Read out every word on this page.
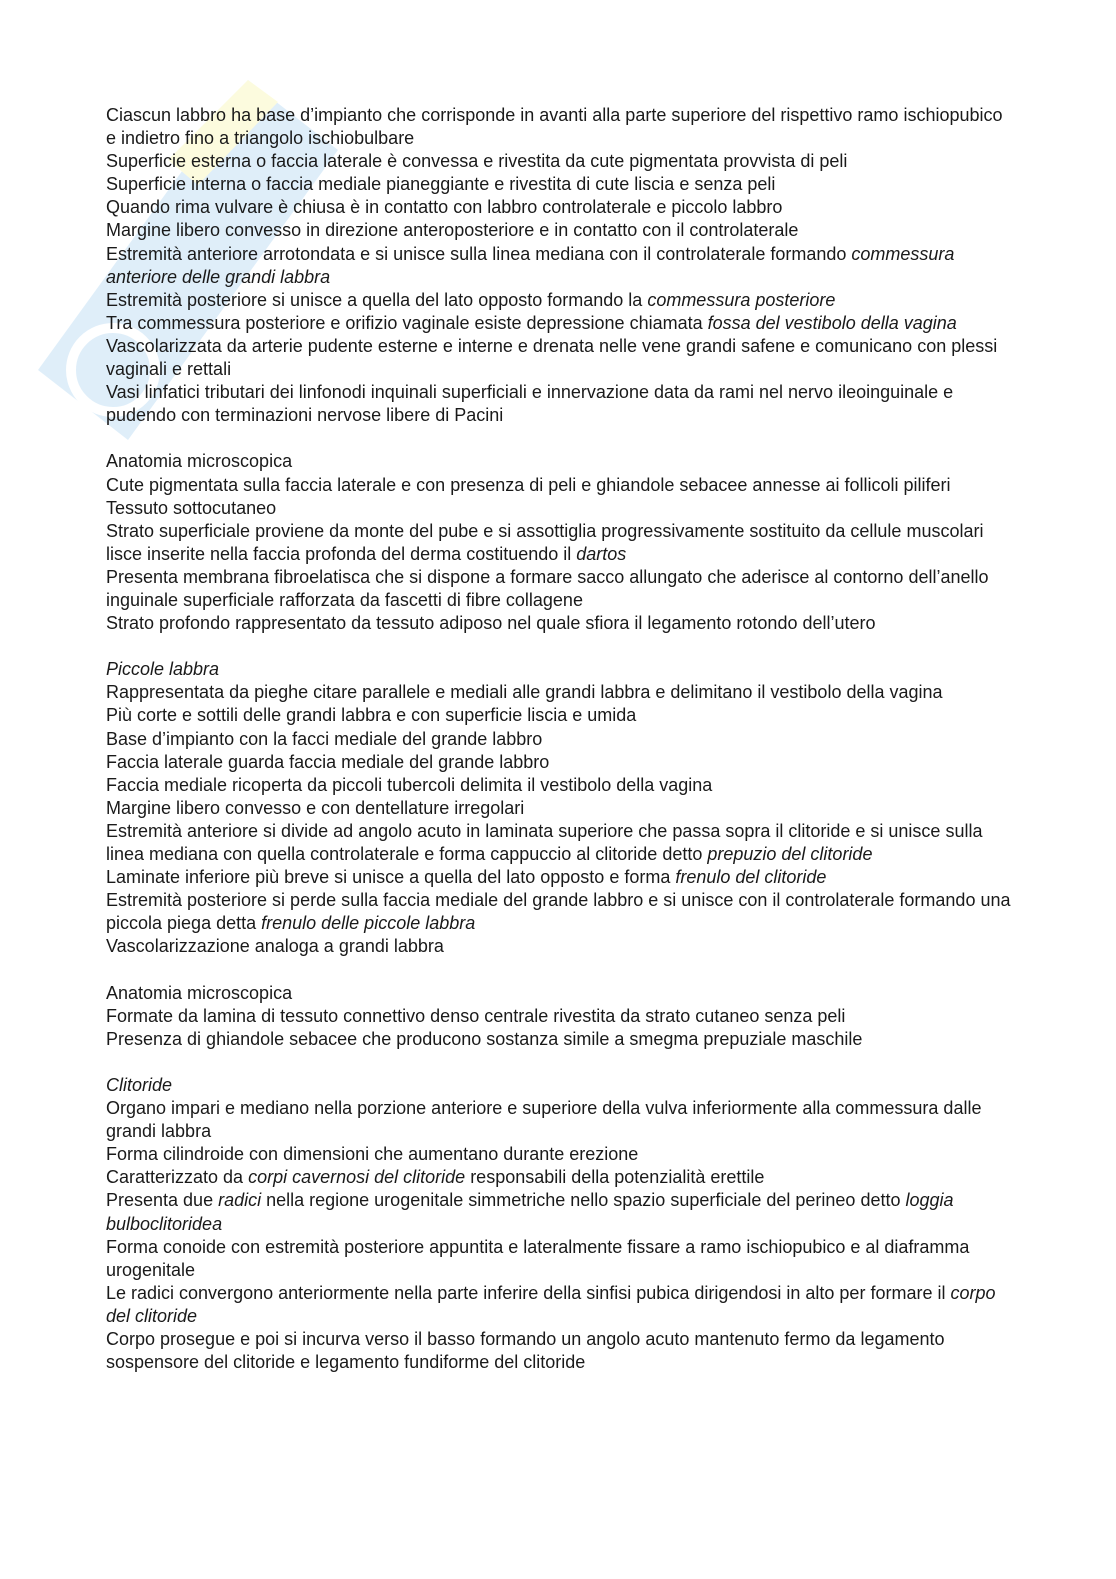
Ciascun labbro ha base d’impianto che corrisponde in avanti alla parte superiore del rispettivo ramo ischiopubico e indietro fino a triangolo ischiobulbare

Superficie esterna o faccia laterale è convessa e rivestita da cute pigmentata provvista di peli

Superficie interna o faccia mediale pianeggiante e rivestita di cute liscia e senza peli

Quando rima vulvare è chiusa è in contatto con labbro controlaterale e piccolo labbro

Margine libero convesso in direzione anteroposteriore e in contatto con il controlaterale

Estremità anteriore arrotondata e si unisce sulla linea mediana con il controlaterale formando commessura anteriore delle grandi labbra

Estremità posteriore si unisce a quella del lato opposto formando la commessura posteriore

Tra commessura posteriore e orifizio vaginale esiste depressione chiamata fossa del vestibolo della vagina

Vascolarizzata da arterie pudente esterne e interne e drenata nelle vene grandi safene e comunicano con plessi vaginali e rettali

Vasi linfatici tributari dei linfonodi inquinali superficiali e innervazione data da rami nel nervo ileoinguinale e pudendo con terminazioni nervose libere di Pacini

Anatomia microscopica

Cute pigmentata sulla faccia laterale e con presenza di peli e ghiandole sebacee annesse ai follicoli piliferi

Tessuto sottocutaneo

Strato superficiale proviene da monte del pube e si assottiglia progressivamente sostituito da cellule muscolari lisce inserite nella faccia profonda del derma costituendo il dartos

Presenta membrana fibroelatisca che si dispone a formare sacco allungato che aderisce al contorno dell’anello inguinale superficiale rafforzata da fascetti di fibre collagene

Strato profondo rappresentato da tessuto adiposo nel quale sfiora il legamento rotondo dell’utero

Piccole labbra

Rappresentata da pieghe citare parallele e mediali alle grandi labbra e delimitano il vestibolo della vagina

Più corte e sottili delle grandi labbra e con superficie liscia e umida

Base d’impianto con la facci mediale del grande labbro

Faccia laterale guarda faccia mediale del grande labbro

Faccia mediale ricoperta da piccoli tubercoli delimita il vestibolo della vagina

Margine libero convesso e con dentellature irregolari

Estremità anteriore si divide ad angolo acuto in laminata superiore che passa sopra il clitoride e si unisce sulla linea mediana con quella controlaterale e forma cappuccio al clitoride detto prepuzio del clitoride

Laminate inferiore più breve si unisce a quella del lato opposto e forma frenulo del clitoride

Estremità posteriore si perde sulla faccia mediale del grande labbro e si unisce con il controlaterale formando una piccola piega detta frenulo delle piccole labbra

Vascolarizzazione analoga a grandi labbra

Anatomia microscopica

Formate da lamina di tessuto connettivo denso centrale rivestita da strato cutaneo senza peli

Presenza di ghiandole sebacee che producono sostanza simile a smegma prepuziale maschile

Clitoride

Organo impari e mediano nella porzione anteriore e superiore della vulva inferiormente alla commessura dalle grandi labbra

Forma cilindroide con dimensioni che aumentano durante erezione

Caratterizzato da corpi cavernosi del clitoride responsabili della potenzialità erettile

Presenta due radici nella regione urogenitale simmetriche nello spazio superficiale del perineo detto loggia bulboclitoridea

Forma conoide con estremità posteriore appuntita e lateralmente fissare a ramo ischiopubico e al diaframma urogenitale

Le radici convergono anteriormente nella parte inferire della sinfisi pubica dirigendosi in alto per formare il corpo del clitoride

Corpo prosegue e poi si incurva verso il basso formando un angolo acuto mantenuto fermo da legamento sospensore del clitoride e legamento fundiforme del clitoride
